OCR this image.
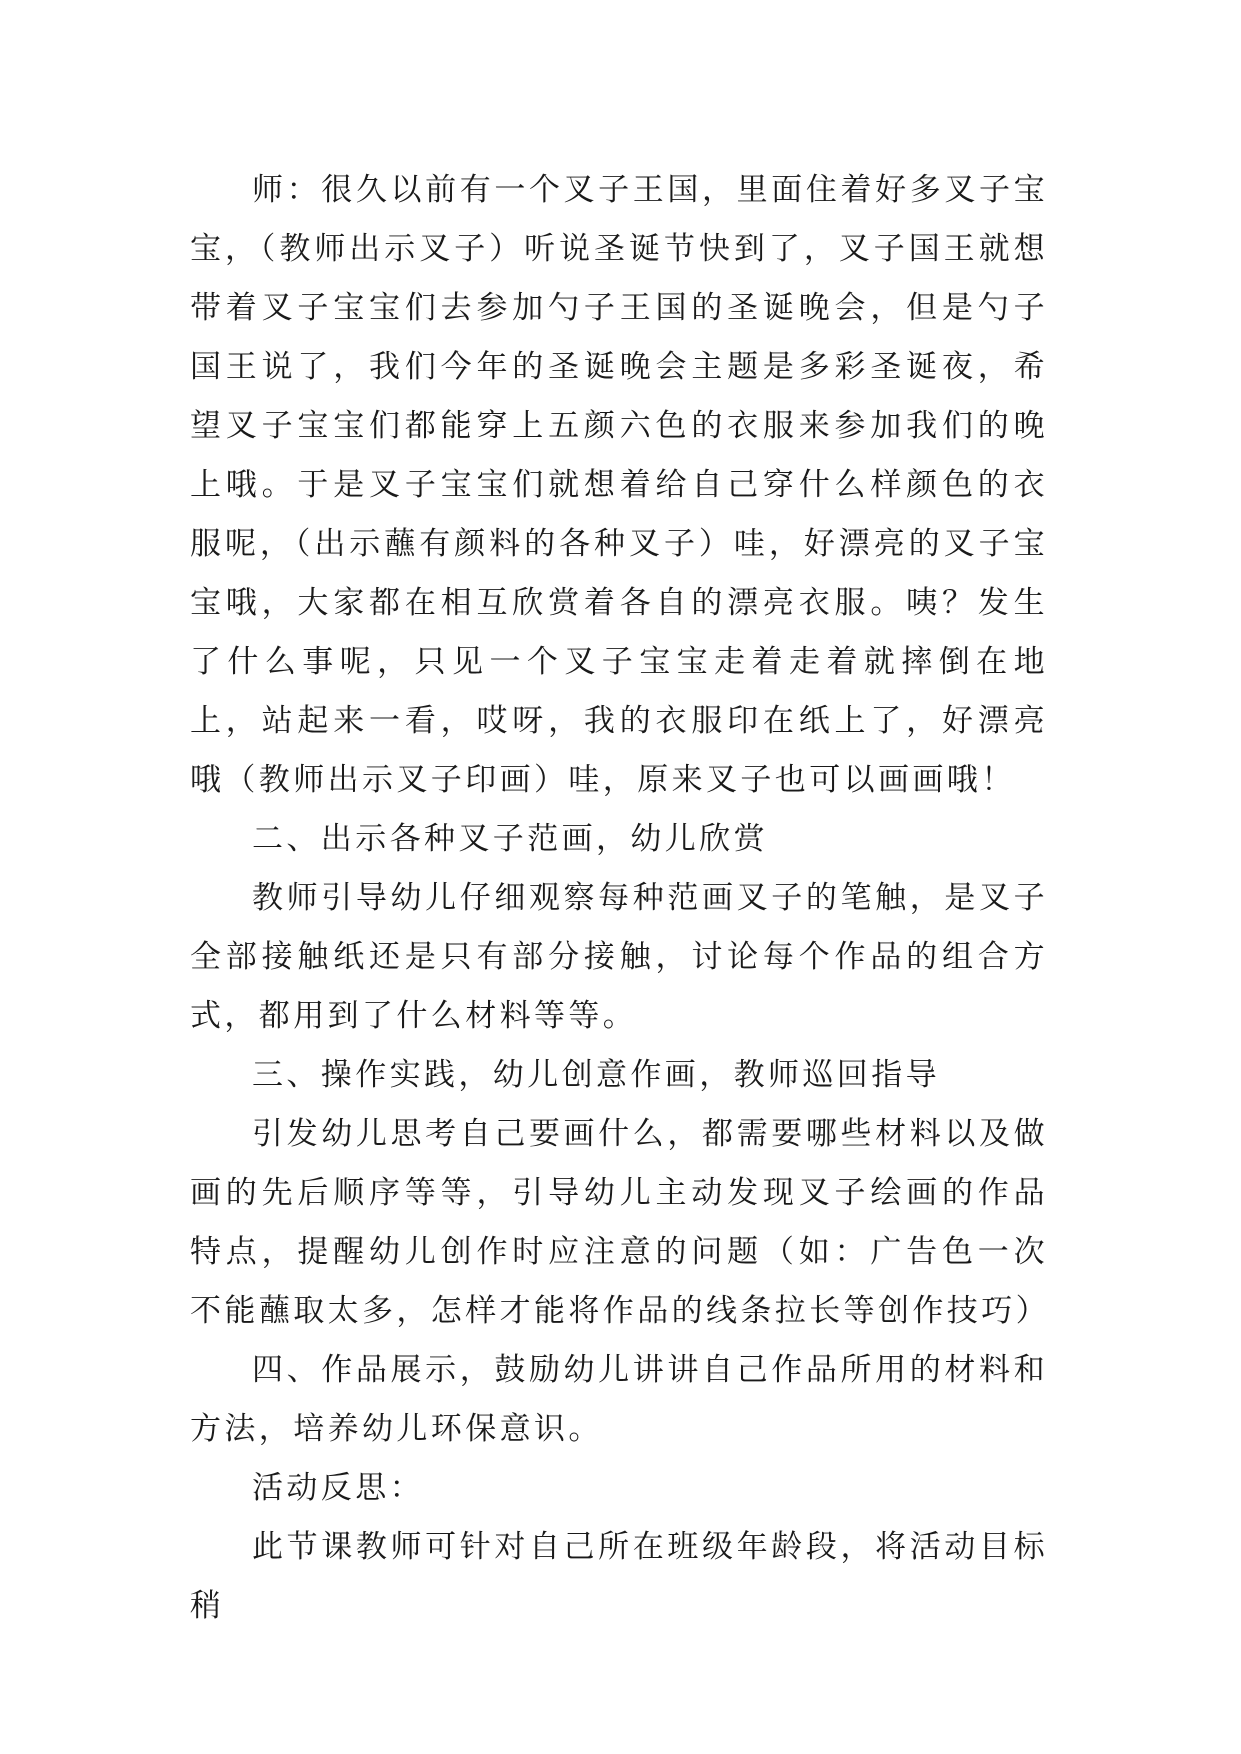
师：很久以前有一个叉子王国，里面住着好多叉子宝宝，（教师出示叉子）听说圣诞节快到了，叉子国王就想带着叉子宝宝们去参加勺子王国的圣诞晚会，但是勺子国王说了，我们今年的圣诞晚会主题是多彩圣诞夜，希望叉子宝宝们都能穿上五颜六色的衣服来参加我们的晚上哦。于是叉子宝宝们就想着给自己穿什么样颜色的衣服呢，（出示蘸有颜料的各种叉子）哇，好漂亮的叉子宝宝哦，大家都在相互欣赏着各自的漂亮衣服。咦？发生了什么事呢，只见一个叉子宝宝走着走着就摔倒在地上，站起来一看，哎呀，我的衣服印在纸上了，好漂亮哦（教师出示叉子印画）哇，原来叉子也可以画画哦！

二、出示各种叉子范画，幼儿欣赏

教师引导幼儿仔细观察每种范画叉子的笔触，是叉子全部接触纸还是只有部分接触，讨论每个作品的组合方式，都用到了什么材料等等。

三、操作实践，幼儿创意作画，教师巡回指导

引发幼儿思考自己要画什么，都需要哪些材料以及做画的先后顺序等等，引导幼儿主动发现叉子绘画的作品特点，提醒幼儿创作时应注意的问题（如：广告色一次不能蘸取太多，怎样才能将作品的线条拉长等创作技巧）

四、作品展示，鼓励幼儿讲讲自己作品所用的材料和方法，培养幼儿环保意识。

活动反思：

此节课教师可针对自己所在班级年龄段，将活动目标稍
